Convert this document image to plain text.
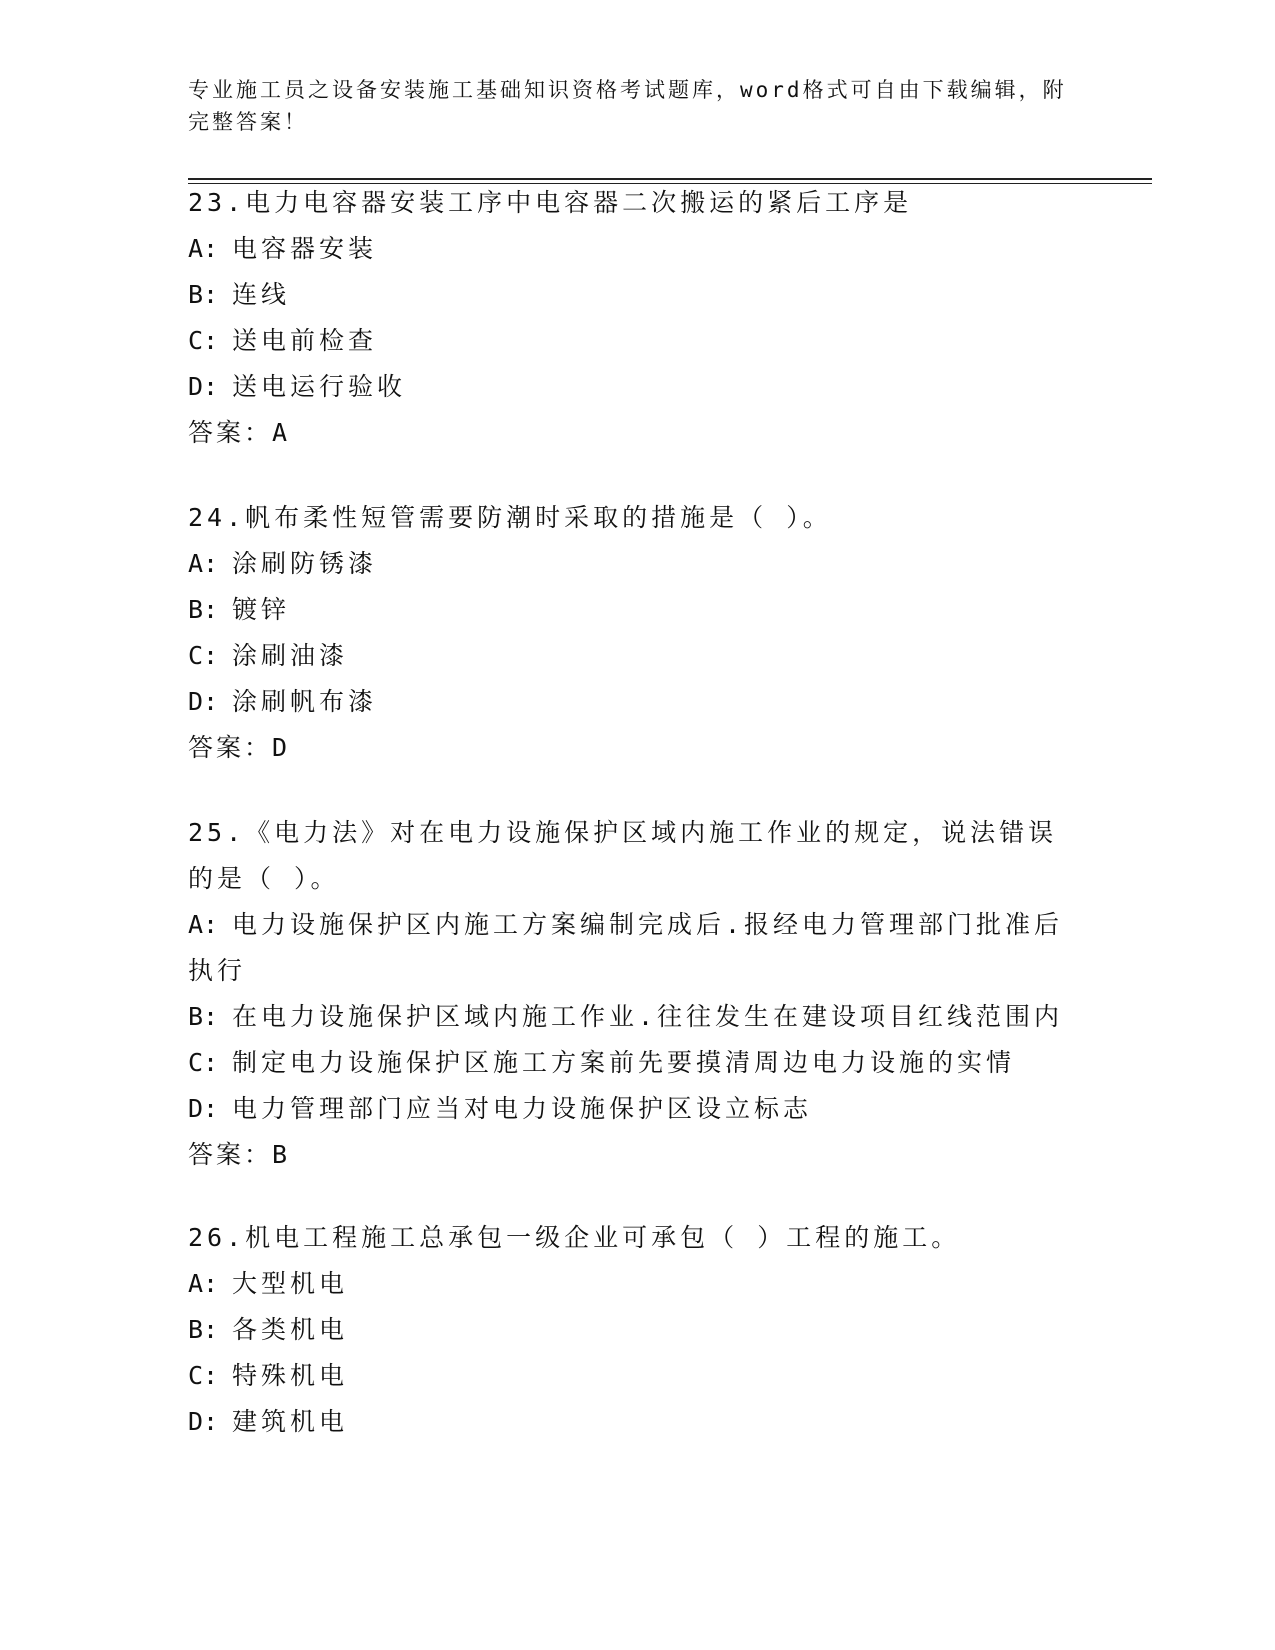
专业施工员之设备安装施工基础知识资格考试题库，word格式可自由下载编辑，附完整答案！

23.电力电容器安装工序中电容器二次搬运的紧后工序是

A: 电容器安装

B: 连线

C: 送电前检查

D: 送电运行验收

答案：A

24.帆布柔性短管需要防潮时采取的措施是（ ）。

A: 涂刷防锈漆

B: 镀锌

C: 涂刷油漆

D: 涂刷帆布漆

答案：D

25.《电力法》对在电力设施保护区域内施工作业的规定，说法错误的是（ ）。

A: 电力设施保护区内施工方案编制完成后.报经电力管理部门批准后执行

B: 在电力设施保护区域内施工作业.往往发生在建设项目红线范围内

C: 制定电力设施保护区施工方案前先要摸清周边电力设施的实情

D: 电力管理部门应当对电力设施保护区设立标志

答案：B

26.机电工程施工总承包一级企业可承包（ ）工程的施工。

A: 大型机电

B: 各类机电

C: 特殊机电

D: 建筑机电
